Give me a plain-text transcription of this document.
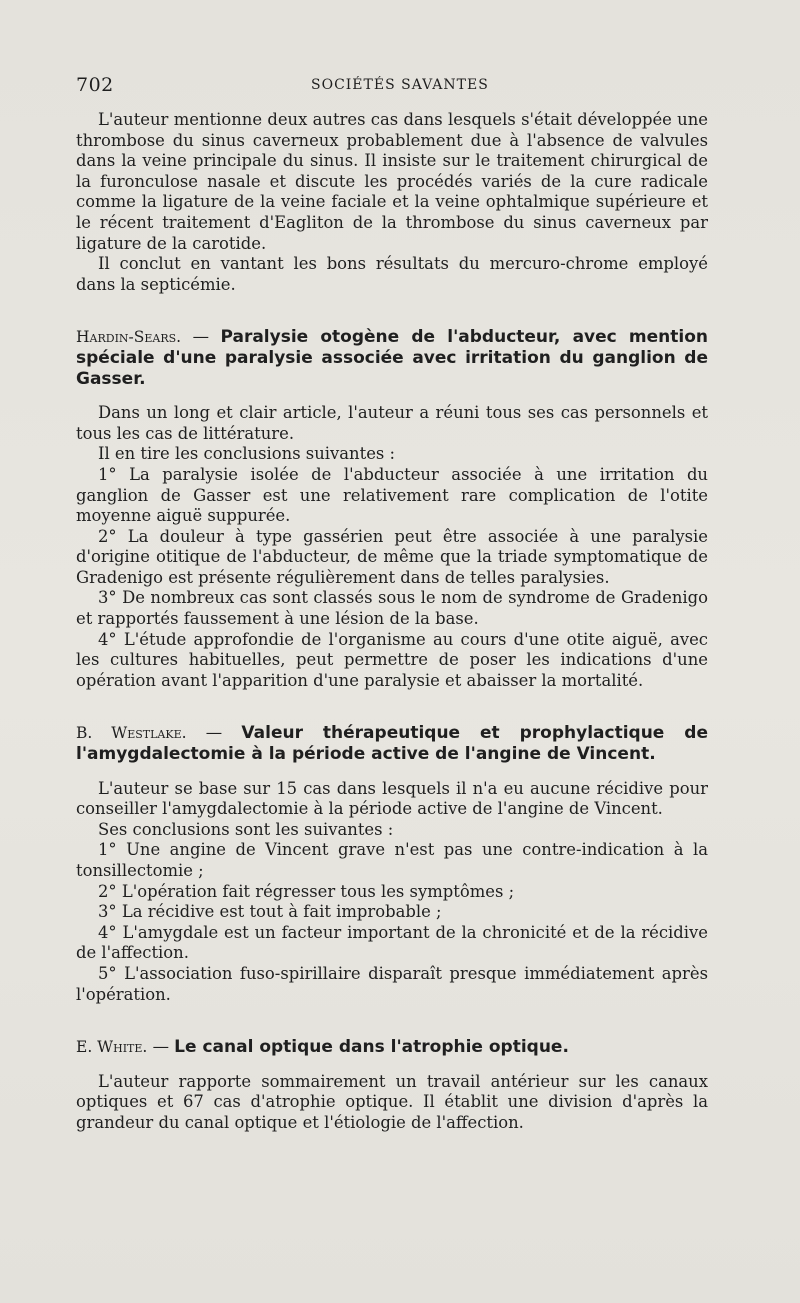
702	SOCIÉTÉS SAVANTES

L'auteur mentionne deux autres cas dans lesquels s'était développée une thrombose du sinus caverneux probablement due à l'absence de valvules dans la veine principale du sinus. Il insiste sur le traitement chirurgical de la furonculose nasale et discute les procédés variés de la cure radicale comme la ligature de la veine faciale et la veine ophtalmique supérieure et le récent traitement d'Eagliton de la thrombose du sinus caverneux par ligature de la carotide.

Il conclut en vantant les bons résultats du mercuro-chrome employé dans la septicémie.

Hardin-Sears. — Paralysie otogène de l'abducteur, avec mention spéciale d'une paralysie associée avec irritation du ganglion de Gasser.

Dans un long et clair article, l'auteur a réuni tous ses cas personnels et tous les cas de littérature.

Il en tire les conclusions suivantes :

1° La paralysie isolée de l'abducteur associée à une irritation du ganglion de Gasser est une relativement rare complication de l'otite moyenne aiguë suppurée.

2° La douleur à type gassérien peut être associée à une paralysie d'origine otitique de l'abducteur, de même que la triade symptomatique de Gradenigo est présente régulièrement dans de telles paralysies.

3° De nombreux cas sont classés sous le nom de syndrome de Gradenigo et rapportés faussement à une lésion de la base.

4° L'étude approfondie de l'organisme au cours d'une otite aiguë, avec les cultures habituelles, peut permettre de poser les indications d'une opération avant l'apparition d'une paralysie et abaisser la mortalité.

B. Westlake. — Valeur thérapeutique et prophylactique de l'amygdalectomie à la période active de l'angine de Vincent.

L'auteur se base sur 15 cas dans lesquels il n'a eu aucune récidive pour conseiller l'amygdalectomie à la période active de l'angine de Vincent.

Ses conclusions sont les suivantes :

1° Une angine de Vincent grave n'est pas une contre-indication à la tonsillectomie ;

2° L'opération fait régresser tous les symptômes ;

3° La récidive est tout à fait improbable ;

4° L'amygdale est un facteur important de la chronicité et de la récidive de l'affection.

5° L'association fuso-spirillaire disparaît presque immédiatement après l'opération.

E. White. — Le canal optique dans l'atrophie optique.

L'auteur rapporte sommairement un travail antérieur sur les canaux optiques et 67 cas d'atrophie optique. Il établit une division d'après la grandeur du canal optique et l'étiologie de l'affection.
